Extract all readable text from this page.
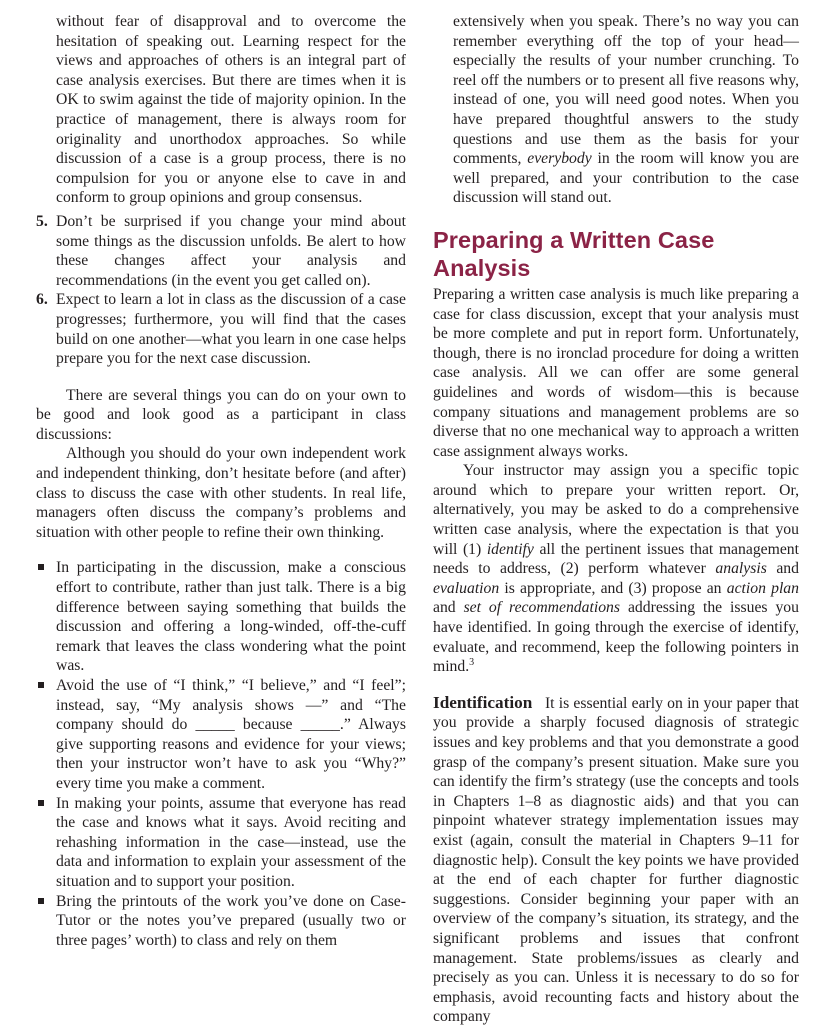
without fear of disapproval and to overcome the hesitation of speaking out. Learning respect for the views and approaches of others is an integral part of case analysis exercises. But there are times when it is OK to swim against the tide of majority opinion. In the practice of management, there is always room for originality and unorthodox approaches. So while discussion of a case is a group process, there is no compulsion for you or anyone else to cave in and conform to group opinions and group consensus.

5. Don’t be surprised if you change your mind about some things as the discussion unfolds. Be alert to how these changes affect your analysis and recommendations (in the event you get called on).
6. Expect to learn a lot in class as the discussion of a case progresses; furthermore, you will find that the cases build on one another—what you learn in one case helps prepare you for the next case discussion.

There are several things you can do on your own to be good and look good as a participant in class discussions:

Although you should do your own independent work and independent thinking, don’t hesitate before (and after) class to discuss the case with other students. In real life, managers often discuss the company’s problems and situation with other people to refine their own thinking.

In participating in the discussion, make a conscious effort to contribute, rather than just talk. There is a big difference between saying something that builds the discussion and offering a long-winded, off-the-cuff remark that leaves the class wondering what the point was.
Avoid the use of “I think,” “I believe,” and “I feel”; instead, say, “My analysis shows —” and “The company should do _____ because _____.” Always give supporting reasons and evidence for your views; then your instructor won’t have to ask you “Why?” every time you make a comment.
In making your points, assume that everyone has read the case and knows what it says. Avoid reciting and rehashing information in the case—instead, use the data and information to explain your assessment of the situation and to support your position.
Bring the printouts of the work you’ve done on Case-Tutor or the notes you’ve prepared (usually two or three pages’ worth) to class and rely on them

extensively when you speak. There’s no way you can remember everything off the top of your head—especially the results of your number crunching. To reel off the numbers or to present all five reasons why, instead of one, you will need good notes. When you have prepared thoughtful answers to the study questions and use them as the basis for your comments, everybody in the room will know you are well prepared, and your contribution to the case discussion will stand out.

Preparing a Written Case Analysis

Preparing a written case analysis is much like preparing a case for class discussion, except that your analysis must be more complete and put in report form. Unfortunately, though, there is no ironclad procedure for doing a written case analysis. All we can offer are some general guidelines and words of wisdom—this is because company situations and management problems are so diverse that no one mechanical way to approach a written case assignment always works.

Your instructor may assign you a specific topic around which to prepare your written report. Or, alternatively, you may be asked to do a comprehensive written case analysis, where the expectation is that you will (1) identify all the pertinent issues that management needs to address, (2) perform whatever analysis and evaluation is appropriate, and (3) propose an action plan and set of recommendations addressing the issues you have identified. In going through the exercise of identify, evaluate, and recommend, keep the following pointers in mind.$^3$

Identification It is essential early on in your paper that you provide a sharply focused diagnosis of strategic issues and key problems and that you demonstrate a good grasp of the company’s present situation. Make sure you can identify the firm’s strategy (use the concepts and tools in Chapters 1–8 as diagnostic aids) and that you can pinpoint whatever strategy implementation issues may exist (again, consult the material in Chapters 9–11 for diagnostic help). Consult the key points we have provided at the end of each chapter for further diagnostic suggestions. Consider beginning your paper with an overview of the company’s situation, its strategy, and the significant problems and issues that confront management. State problems/issues as clearly and precisely as you can. Unless it is necessary to do so for emphasis, avoid recounting facts and history about the company
